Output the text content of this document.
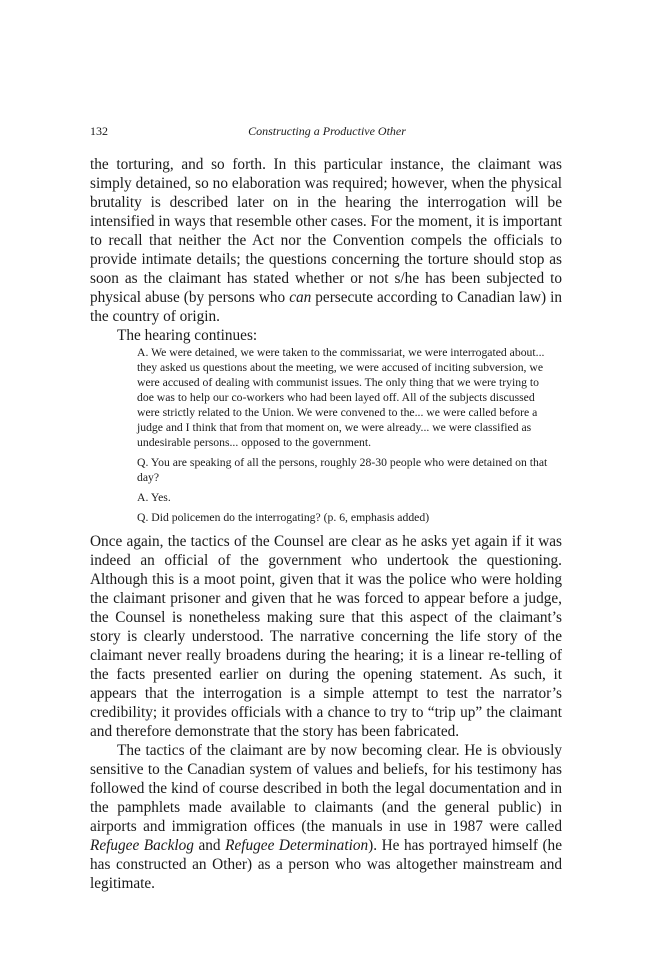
132	Constructing a Productive Other

the torturing, and so forth. In this particular instance, the claimant was simply detained, so no elaboration was required; however, when the physical brutality is described later on in the hearing the interrogation will be intensified in ways that resemble other cases. For the moment, it is important to recall that neither the Act nor the Convention compels the officials to provide intimate details; the questions concerning the torture should stop as soon as the claimant has stated whether or not s/he has been subjected to physical abuse (by persons who can persecute according to Canadian law) in the country of origin.

The hearing continues:

A. We were detained, we were taken to the commissariat, we were interrogated about... they asked us questions about the meeting, we were accused of inciting subversion, we were accused of dealing with communist issues. The only thing that we were trying to doe was to help our co-workers who had been layed off. All of the subjects discussed were strictly related to the Union. We were convened to the... we were called before a judge and I think that from that moment on, we were already... we were classified as undesirable persons... opposed to the government.

Q. You are speaking of all the persons, roughly 28-30 people who were detained on that day?

A. Yes.

Q. Did policemen do the interrogating? (p. 6, emphasis added)

Once again, the tactics of the Counsel are clear as he asks yet again if it was indeed an official of the government who undertook the questioning. Although this is a moot point, given that it was the police who were holding the claimant prisoner and given that he was forced to appear before a judge, the Counsel is nonetheless making sure that this aspect of the claimant’s story is clearly understood. The narrative concerning the life story of the claimant never really broadens during the hearing; it is a linear re-telling of the facts presented earlier on during the opening statement. As such, it appears that the interrogation is a simple attempt to test the narrator’s credibility; it provides officials with a chance to try to “trip up” the claimant and therefore demonstrate that the story has been fabricated.

The tactics of the claimant are by now becoming clear. He is obviously sensitive to the Canadian system of values and beliefs, for his testimony has followed the kind of course described in both the legal documentation and in the pamphlets made available to claimants (and the general public) in airports and immigration offices (the manuals in use in 1987 were called Refugee Backlog and Refugee Determination). He has portrayed himself (he has constructed an Other) as a person who was altogether mainstream and legitimate.
